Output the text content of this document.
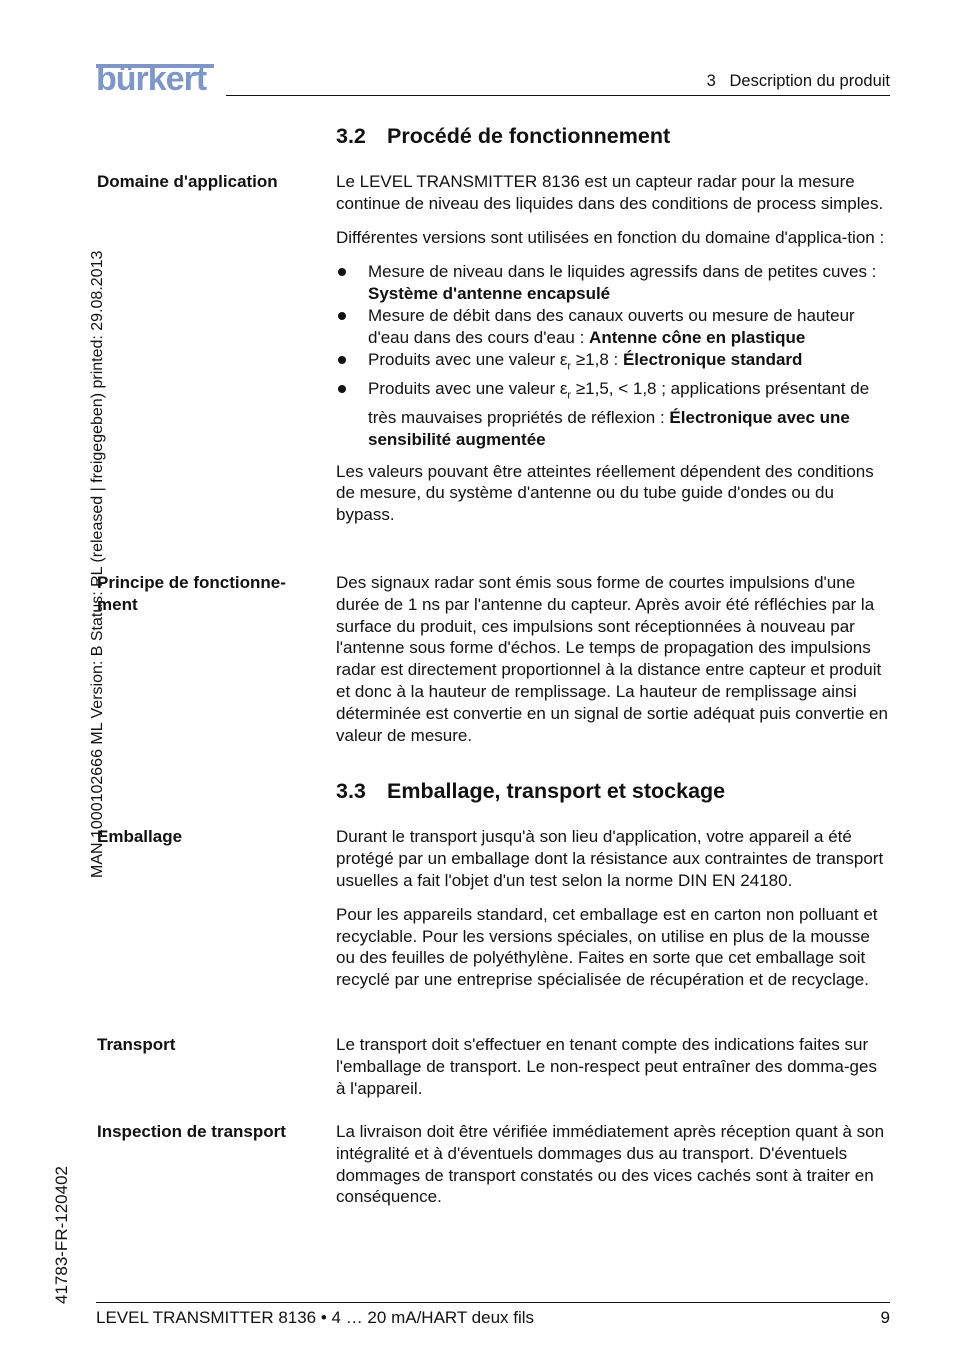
bürkert	3   Description du produit
MAN 1000102666 ML Version: B Status: RL (released | freigegeben) printed: 29.08.2013
41783-FR-120402
3.2 Procédé de fonctionnement
Domaine d'application	Le LEVEL TRANSMITTER 8136 est un capteur radar pour la mesure continue de niveau des liquides dans des conditions de process simples.

Différentes versions sont utilisées en fonction du domaine d'applica-tion :

Mesure de niveau dans le liquides agressifs dans de petites cuves : Système d'antenne encapsulé
Mesure de débit dans des canaux ouverts ou mesure de hauteur d'eau dans des cours d'eau : Antenne cône en plastique
Produits avec une valeur $\varepsilon_r \ge 1,8$ : Électronique standard
Produits avec une valeur $\varepsilon_r \ge 1,5$, < 1,8 ; applications présentant de très mauvaises propriétés de réflexion : Électronique avec une sensibilité augmentée

Les valeurs pouvant être atteintes réellement dépendent des conditions de mesure, du système d'antenne ou du tube guide d'ondes ou du bypass.

Principe de fonctionne-ment

Des signaux radar sont émis sous forme de courtes impulsions d'une durée de 1 ns par l'antenne du capteur. Après avoir été réfléchies par la surface du produit, ces impulsions sont réceptionnées à nouveau par l'antenne sous forme d'échos. Le temps de propagation des impulsions radar est directement proportionnel à la distance entre capteur et produit et donc à la hauteur de remplissage. La hauteur de remplissage ainsi déterminée est convertie en un signal de sortie adéquat puis convertie en valeur de mesure.

3.3 Emballage, transport et stockage
Emballage	Durant le transport jusqu'à son lieu d'application, votre appareil a été protégé par un emballage dont la résistance aux contraintes de transport usuelles a fait l'objet d'un test selon la norme DIN EN 24180.

Pour les appareils standard, cet emballage est en carton non polluant et recyclable. Pour les versions spéciales, on utilise en plus de la mousse ou des feuilles de polyéthylène. Faites en sorte que cet emballage soit recyclé par une entreprise spécialisée de récupération et de recyclage.

Transport	Le transport doit s'effectuer en tenant compte des indications faites sur l'emballage de transport. Le non-respect peut entraîner des domma-ges à l'appareil.

Inspection de transport	La livraison doit être vérifiée immédiatement après réception quant à son intégralité et à d'éventuels dommages dus au transport. D'éventuels dommages de transport constatés ou des vices cachés sont à traiter en conséquence.

LEVEL TRANSMITTER 8136 • 4 … 20 mA/HART deux fils	9
